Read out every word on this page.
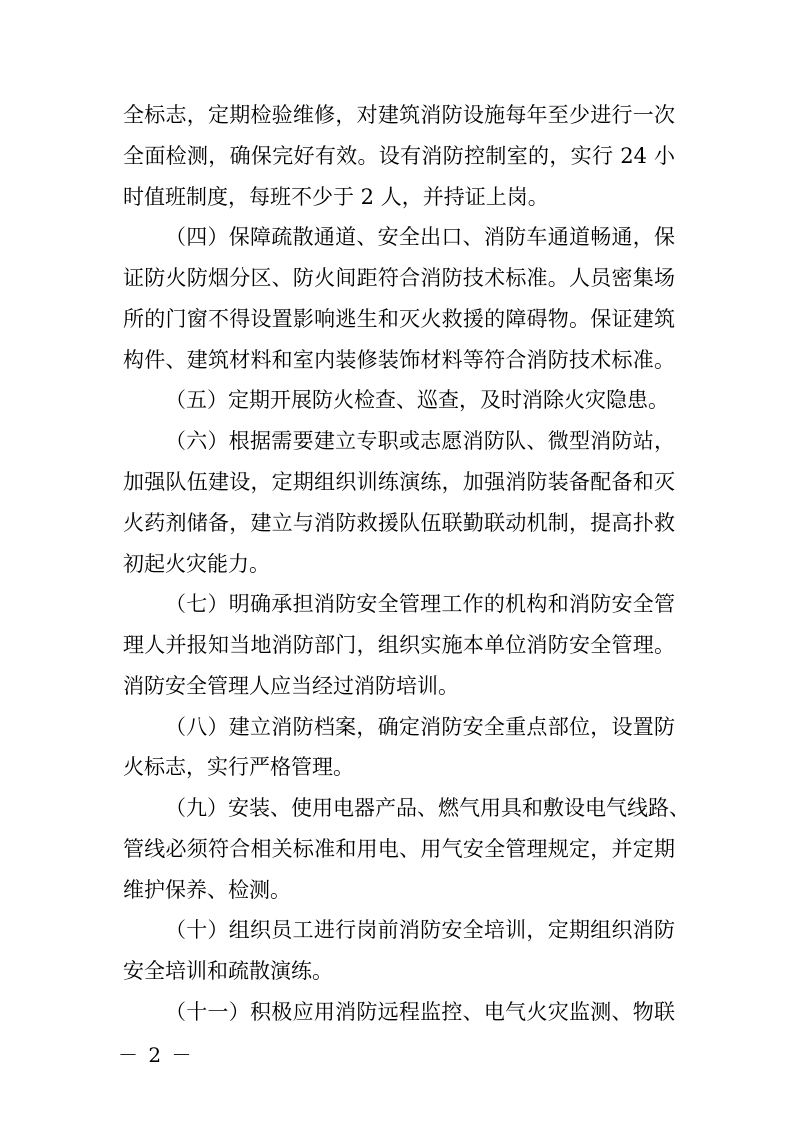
全标志，定期检验维修，对建筑消防设施每年至少进行一次
全面检测，确保完好有效。设有消防控制室的，实行 24 小
时值班制度，每班不少于 2 人，并持证上岗。
（四）保障疏散通道、安全出口、消防车通道畅通，保
证防火防烟分区、防火间距符合消防技术标准。人员密集场
所的门窗不得设置影响逃生和灭火救援的障碍物。保证建筑
构件、建筑材料和室内装修装饰材料等符合消防技术标准。
（五）定期开展防火检查、巡查，及时消除火灾隐患。
（六）根据需要建立专职或志愿消防队、微型消防站，
加强队伍建设，定期组织训练演练，加强消防装备配备和灭
火药剂储备，建立与消防救援队伍联勤联动机制，提高扑救
初起火灾能力。
（七）明确承担消防安全管理工作的机构和消防安全管
理人并报知当地消防部门，组织实施本单位消防安全管理。
消防安全管理人应当经过消防培训。
（八）建立消防档案，确定消防安全重点部位，设置防
火标志，实行严格管理。
（九）安装、使用电器产品、燃气用具和敷设电气线路、
管线必须符合相关标准和用电、用气安全管理规定，并定期
维护保养、检测。
（十）组织员工进行岗前消防安全培训，定期组织消防
安全培训和疏散演练。
（十一）积极应用消防远程监控、电气火灾监测、物联
－ 2 －
